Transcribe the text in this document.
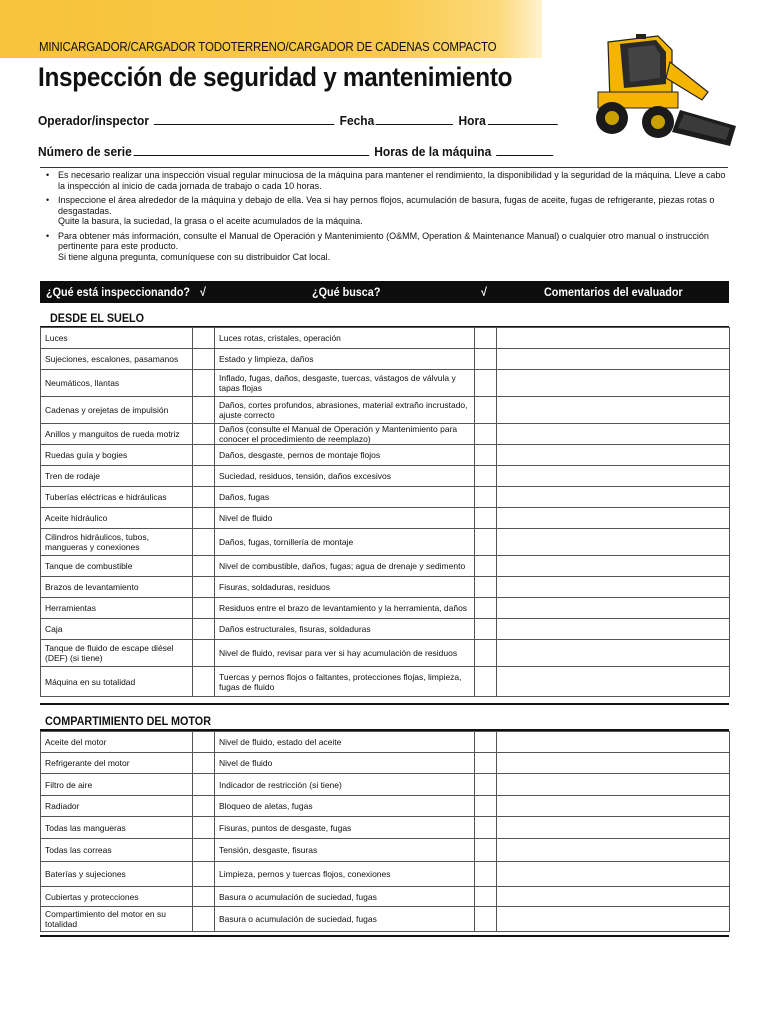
MINICARGADOR/CARGADOR TODOTERRENO/CARGADOR DE CADENAS COMPACTO
Inspección de seguridad y mantenimiento
Operador/inspector	Fecha	Hora
Número de serie	Horas de la máquina
• Es necesario realizar una inspección visual regular minuciosa de la máquina para mantener el rendimiento, la disponibilidad y la seguridad de la máquina. Lleve a cabo
la inspección al inicio de cada jornada de trabajo o cada 10 horas.
• Inspeccione el área alrededor de la máquina y debajo de ella. Vea si hay pernos flojos, acumulación de basura, fugas de aceite, fugas de refrigerante, piezas rotas o
desgastadas.
Quite la basura, la suciedad, la grasa o el aceite acumulados de la máquina.
• Para obtener más información, consulte el Manual de Operación y Mantenimiento (O&MM, Operation & Maintenance Manual) o cualquier otro manual o instrucción
pertinente para este producto.
Si tiene alguna pregunta, comuníquese con su distribuidor Cat local.
¿Qué está inspeccionando? √	¿Qué busca?	√	Comentarios del evaluador
DESDE EL SUELO
Luces		Luces rotas, cristales, operación		
Sujeciones, escalones, pasamanos		Estado y limpieza, daños		
Neumáticos, llantas		Inflado, fugas, daños, desgaste, tuercas, vástagos de válvula y tapas flojas		
Cadenas y orejetas de impulsión		Daños, cortes profundos, abrasiones, material extraño incrustado, ajuste correcto		
Anillos y manguitos de rueda motriz		Daños (consulte el Manual de Operación y Mantenimiento para conocer el procedimiento de reemplazo)		
Ruedas guía y bogies		Daños, desgaste, pernos de montaje flojos		
Tren de rodaje		Suciedad, residuos, tensión, daños excesivos		
Tuberías eléctricas e hidráulicas		Daños, fugas		
Aceite hidráulico		Nivel de fluido		
Cilindros hidráulicos, tubos, mangueras y conexiones		Daños, fugas, tornillería de montaje		
Tanque de combustible		Nivel de combustible, daños, fugas; agua de drenaje y sedimento		
Brazos de levantamiento		Fisuras, soldaduras, residuos		
Herramientas		Residuos entre el brazo de levantamiento y la herramienta, daños		
Caja		Daños estructurales, fisuras, soldaduras		
Tanque de fluido de escape diésel (DEF) (si tiene)		Nivel de fluido, revisar para ver si hay acumulación de residuos		
Máquina en su totalidad		Tuercas y pernos flojos o faltantes, protecciones flojas, limpieza, fugas de fluido		
COMPARTIMIENTO DEL MOTOR
Aceite del motor		Nivel de fluido, estado del aceite		
Refrigerante del motor		Nivel de fluido		
Filtro de aire		Indicador de restricción (si tiene)		
Radiador		Bloqueo de aletas, fugas		
Todas las mangueras		Fisuras, puntos de desgaste, fugas		
Todas las correas		Tensión, desgaste, fisuras		
Baterías y sujeciones		Limpieza, pernos y tuercas flojos, conexiones		
Cubiertas y protecciones		Basura o acumulación de suciedad, fugas		
Compartimiento del motor en su totalidad		Basura o acumulación de suciedad, fugas		
